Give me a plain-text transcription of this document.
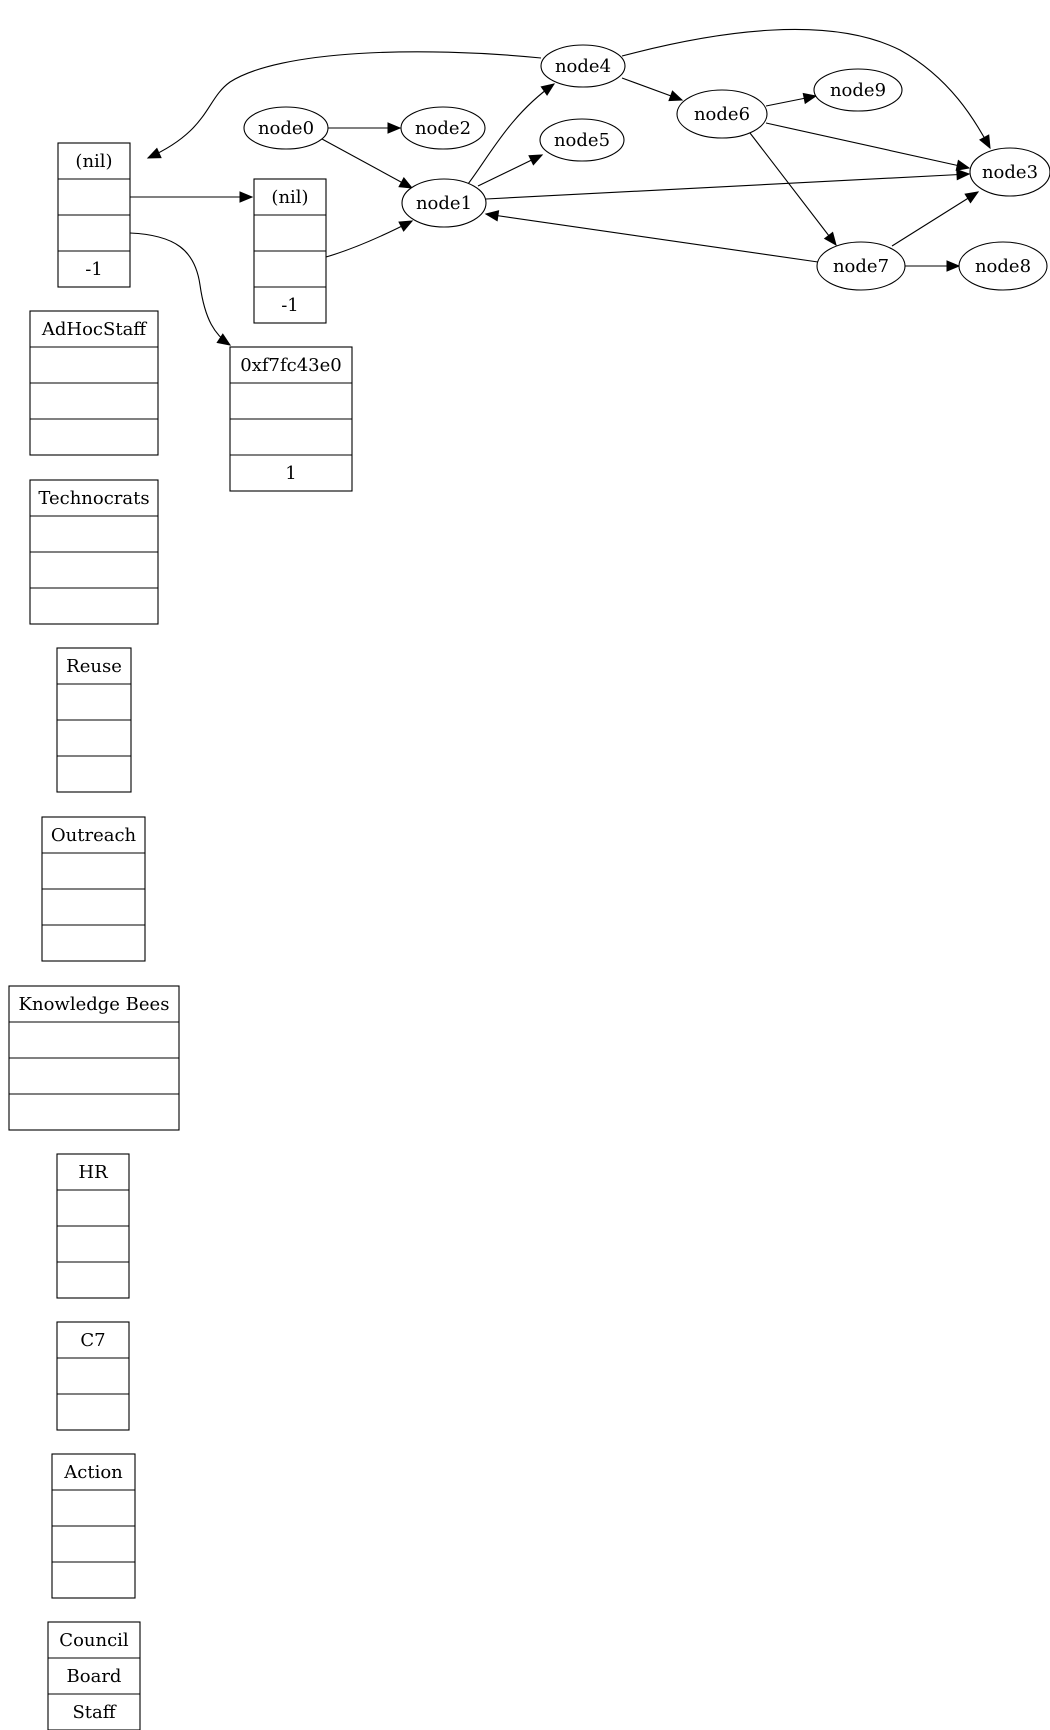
node0
node1
node2
node3
node4
node5
node6
node7	node8
node9
(nil)
-1
(nil)
-1
0xf7fc43e0
1
AdHocStaff
Technocrats
Reuse
Outreach
Knowledge Bees
HR
C7
Action
Council
Board
Staff
